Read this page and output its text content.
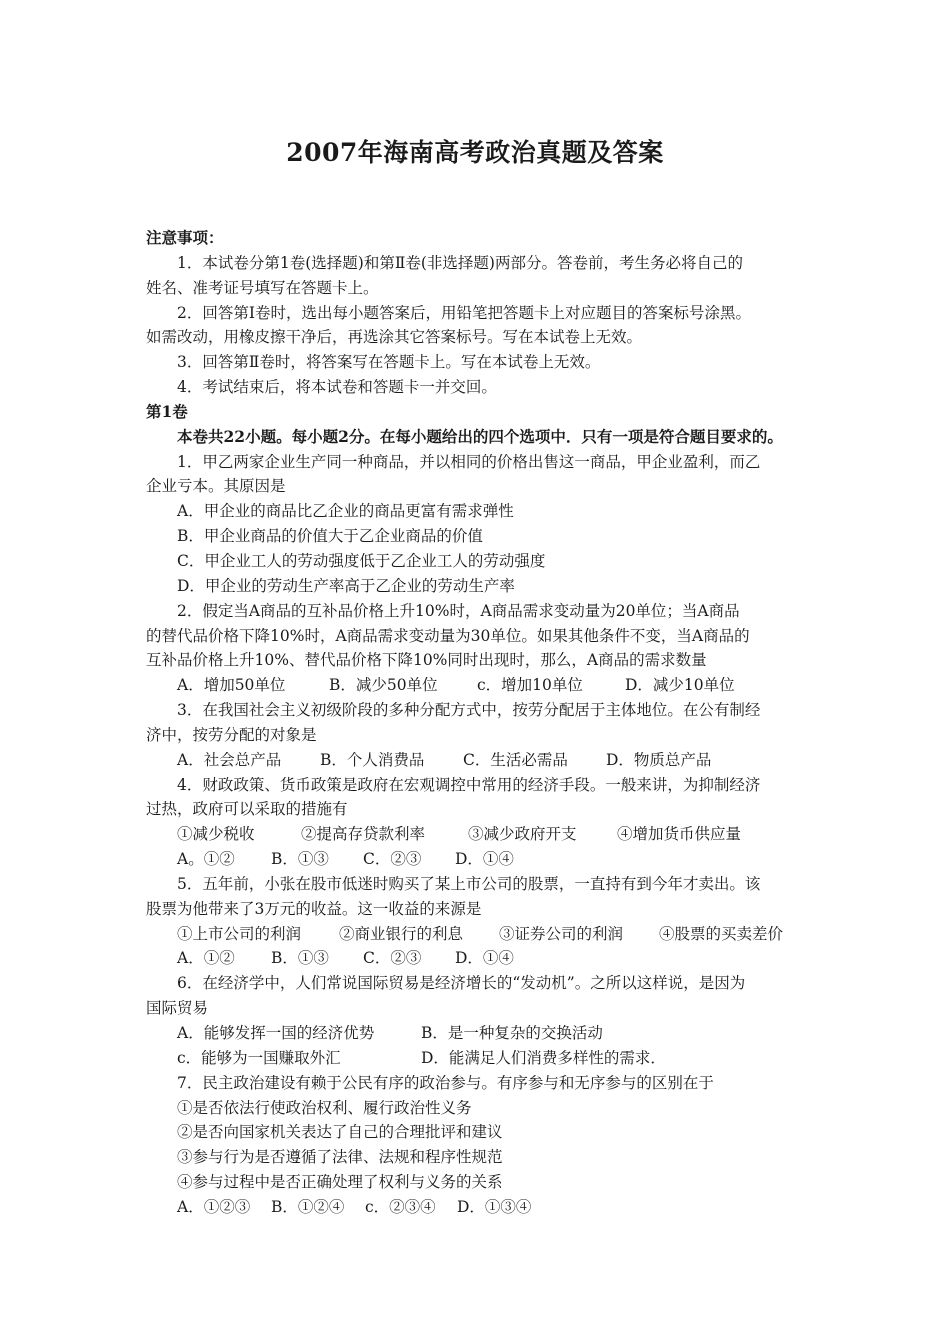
2007年海南高考政治真题及答案
注意事项：
1．本试卷分第1卷(选择题)和第Ⅱ卷(非选择题)两部分。答卷前，考生务必将自己的
姓名、准考证号填写在答题卡上。
2．回答第Ⅰ卷时，选出每小题答案后，用铅笔把答题卡上对应题目的答案标号涂黑。
如需改动，用橡皮擦干净后，再选涂其它答案标号。写在本试卷上无效。
3．回答第Ⅱ卷时，将答案写在答题卡上。写在本试卷上无效。
4．考试结束后，将本试卷和答题卡一并交回。
第1卷
本卷共22小题。每小题2分。在每小题给出的四个选项中．只有一项是符合题目要求的。
1．甲乙两家企业生产同一种商品，并以相同的价格出售这一商品，甲企业盈利，而乙
企业亏本。其原因是
A．甲企业的商品比乙企业的商品更富有需求弹性
B．甲企业商品的价值大于乙企业商品的价值
C．甲企业工人的劳动强度低于乙企业工人的劳动强度
D．甲企业的劳动生产率高于乙企业的劳动生产率
2．假定当A商品的互补品价格上升10%时，A商品需求变动量为20单位；当A商品
的替代品价格下降10%时，A商品需求变动量为30单位。如果其他条件不变，当A商品的
互补品价格上升10%、替代品价格下降10%同时出现时，那么，A商品的需求数量
A．增加50单位	B．减少50单位	c．增加10单位	D．减少10单位
3．在我国社会主义初级阶段的多种分配方式中，按劳分配居于主体地位。在公有制经
济中，按劳分配的对象是
A．社会总产品	B．个人消费品	C．生活必需品	D．物质总产品
4．财政政策、货币政策是政府在宏观调控中常用的经济手段。一般来讲，为抑制经济
过热，政府可以采取的措施有
①减少税收	②提高存贷款利率	③减少政府开支	④增加货币供应量
A。①②	B．①③	C．②③	D．①④
5．五年前，小张在股市低迷时购买了某上市公司的股票，一直持有到今年才卖出。该
股票为他带来了3万元的收益。这一收益的来源是
①上市公司的利润	②商业银行的利息	③证券公司的利润	④股票的买卖差价
A．①②	B．①③	C．②③	D．①④
6．在经济学中，人们常说国际贸易是经济增长的“发动机”。之所以这样说，是因为
国际贸易
A．能够发挥一国的经济优势	B．是一种复杂的交换活动
c．能够为一国赚取外汇	D．能满足人们消费多样性的需求．
7．民主政治建设有赖于公民有序的政治参与。有序参与和无序参与的区别在于
①是否依法行使政治权利、履行政治性义务
②是否向国家机关表达了自己的合理批评和建议
③参与行为是否遵循了法律、法规和程序性规范
④参与过程中是否正确处理了权利与义务的关系
A．①②③	B．①②④	c．②③④	D．①③④
